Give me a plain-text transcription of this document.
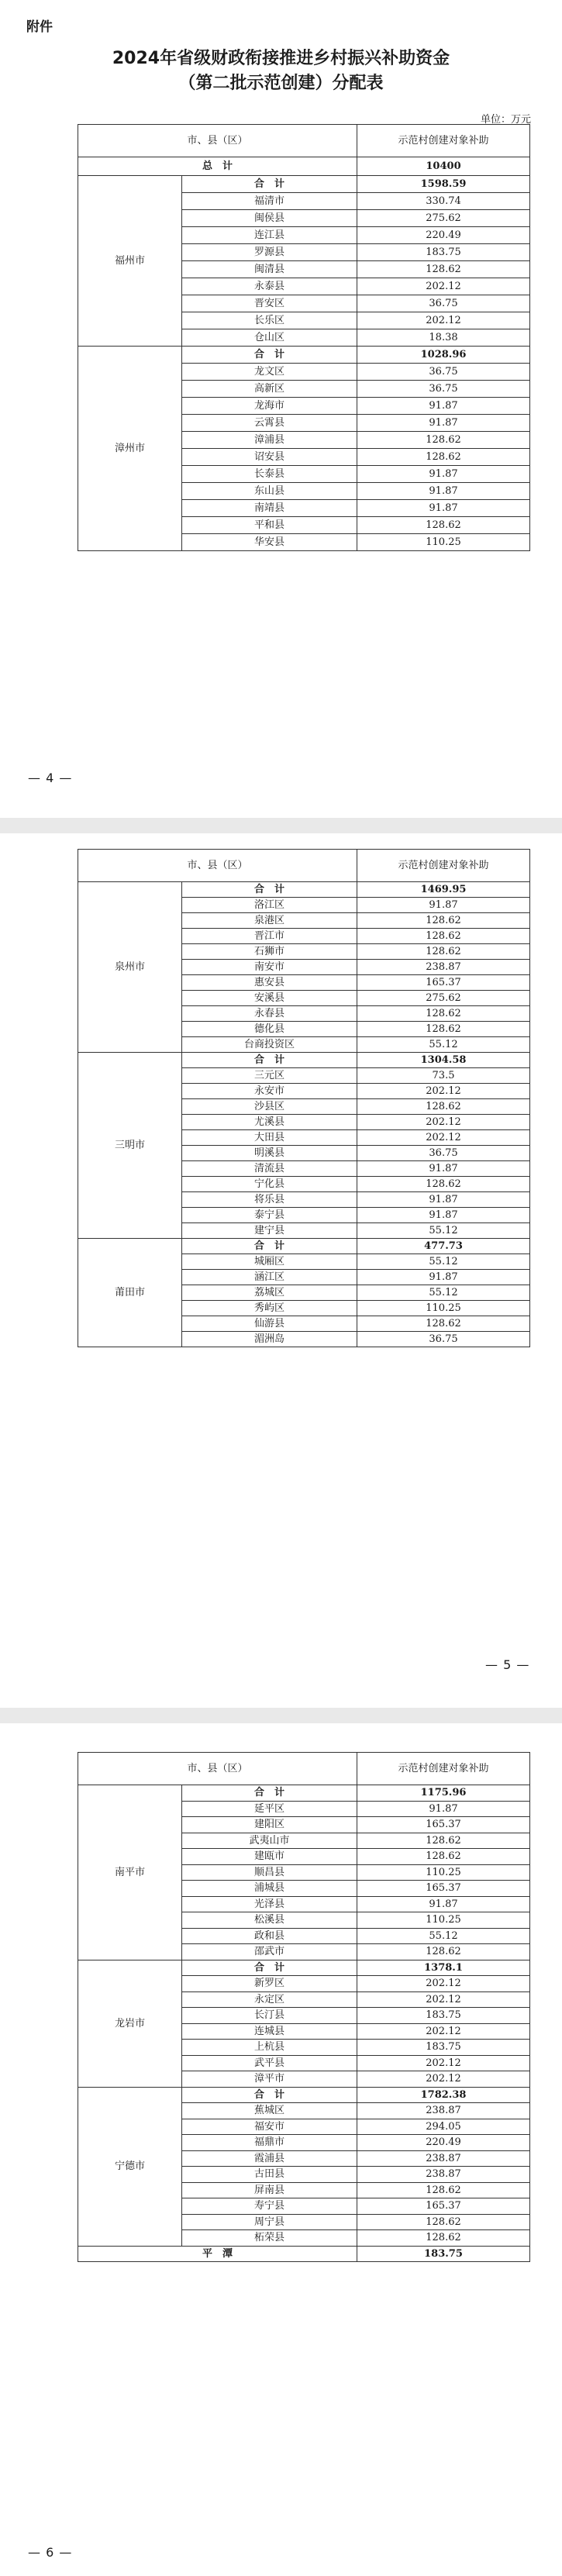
附件
2024年省级财政衔接推进乡村振兴补助资金
（第二批示范创建）分配表
单位：万元
市、县（区）		示范村创建对象补助
总　计		10400
福州市	合　计	1598.59
	福清市	330.74
	闽侯县	275.62
	连江县	220.49
	罗源县	183.75
	闽清县	128.62
	永泰县	202.12
	晋安区	36.75
	长乐区	202.12
	仓山区	18.38
漳州市	合　计	1028.96
	龙文区	36.75
	高新区	36.75
	龙海市	91.87
	云霄县	91.87
	漳浦县	128.62
	诏安县	128.62
	长泰县	91.87
	东山县	91.87
	南靖县	91.87
	平和县	128.62
	华安县	110.25
— 4 —
市、县（区）		示范村创建对象补助
泉州市	合　计	1469.95
	洛江区	91.87
	泉港区	128.62
	晋江市	128.62
	石狮市	128.62
	南安市	238.87
	惠安县	165.37
	安溪县	275.62
	永春县	128.62
	德化县	128.62
	台商投资区	55.12
三明市	合　计	1304.58
	三元区	73.5
	永安市	202.12
	沙县区	128.62
	尤溪县	202.12
	大田县	202.12
	明溪县	36.75
	清流县	91.87
	宁化县	128.62
	将乐县	91.87
	泰宁县	91.87
	建宁县	55.12
莆田市	合　计	477.73
	城厢区	55.12
	涵江区	91.87
	荔城区	55.12
	秀屿区	110.25
	仙游县	128.62
	湄洲岛	36.75
— 5 —
市、县（区）		示范村创建对象补助
南平市	合　计	1175.96
	延平区	91.87
	建阳区	165.37
	武夷山市	128.62
	建瓯市	128.62
	顺昌县	110.25
	浦城县	165.37
	光泽县	91.87
	松溪县	110.25
	政和县	55.12
	邵武市	128.62
龙岩市	合　计	1378.1
	新罗区	202.12
	永定区	202.12
	长汀县	183.75
	连城县	202.12
	上杭县	183.75
	武平县	202.12
	漳平市	202.12
宁德市	合　计	1782.38
	蕉城区	238.87
	福安市	294.05
	福鼎市	220.49
	霞浦县	238.87
	古田县	238.87
	屏南县	128.62
	寿宁县	165.37
	周宁县	128.62
	柘荣县	128.62
平　潭		183.75
— 6 —
